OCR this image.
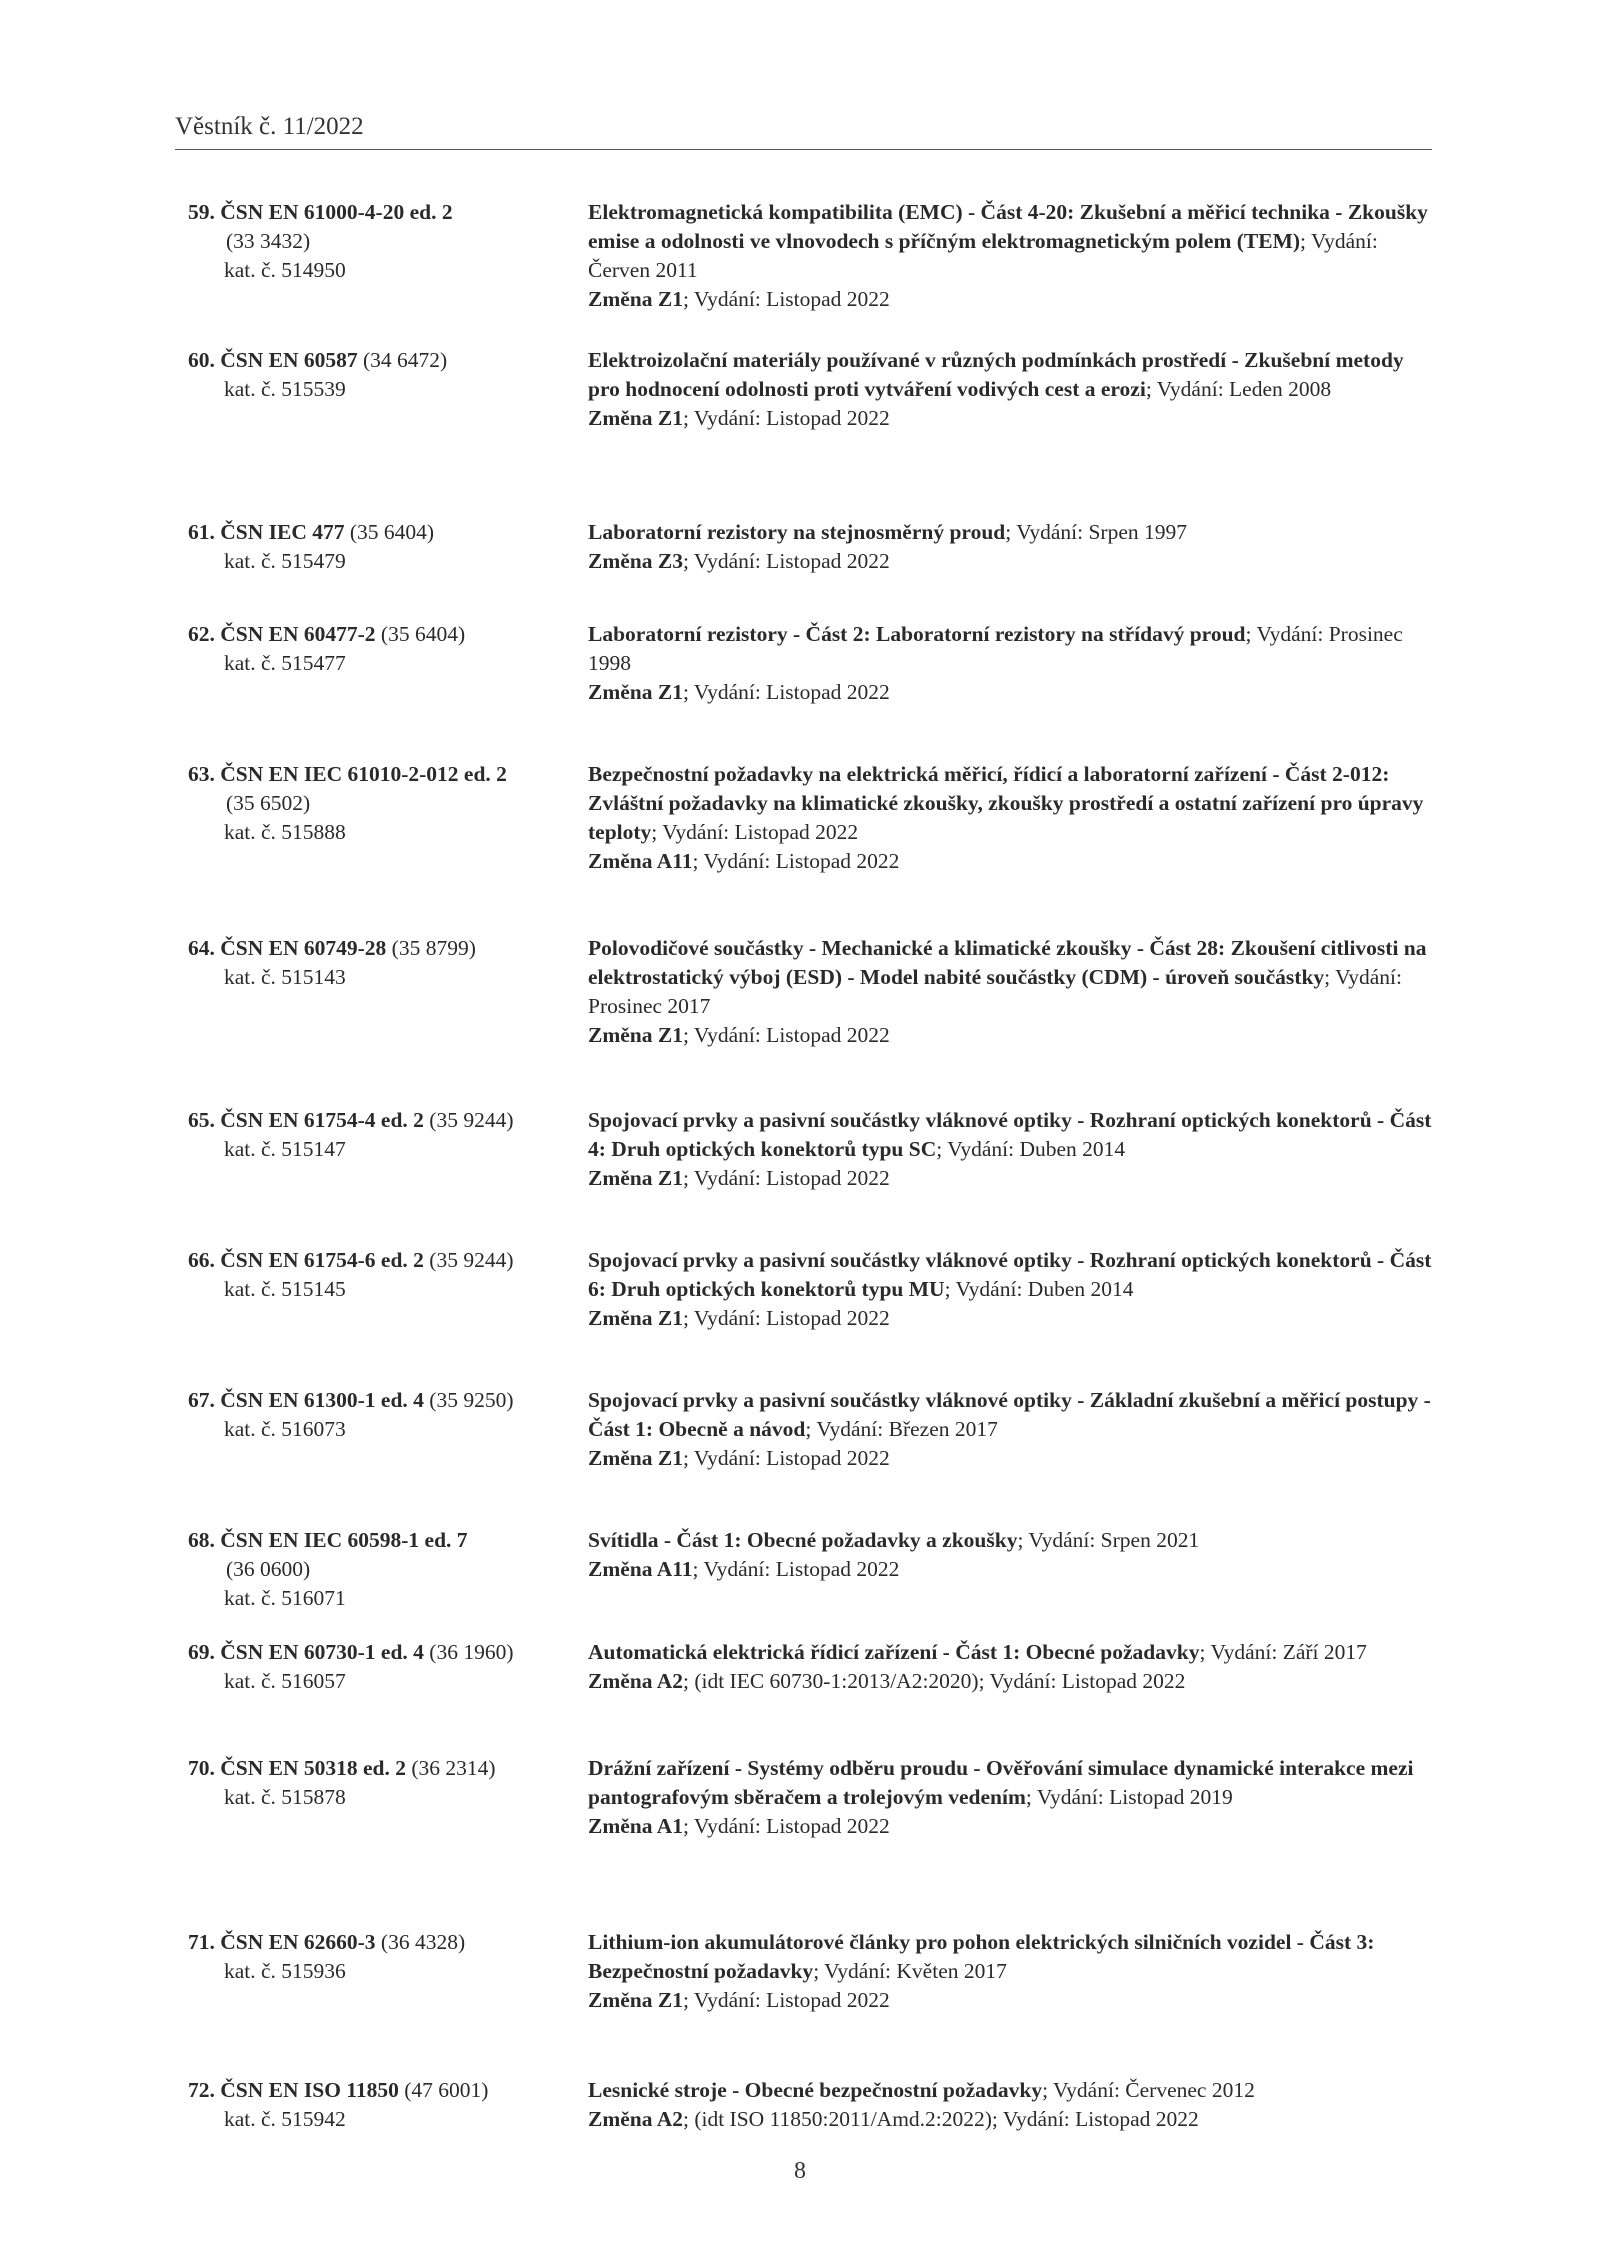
Věstník č. 11/2022
59. ČSN EN 61000-4-20 ed. 2
(33 3432)
kat. č. 514950
Elektromagnetická kompatibilita (EMC) - Část 4-20: Zkušební a měřicí technika - Zkoušky emise a odolnosti ve vlnovodech s příčným elektromagnetickým polem (TEM); Vydání: Červen 2011
Změna Z1; Vydání: Listopad 2022
60. ČSN EN 60587 (34 6472)
kat. č. 515539
Elektroizolační materiály používané v různých podmínkách prostředí - Zkušební metody pro hodnocení odolnosti proti vytváření vodivých cest a erozi; Vydání: Leden 2008
Změna Z1; Vydání: Listopad 2022
61. ČSN IEC 477 (35 6404)
kat. č. 515479
Laboratorní rezistory na stejnosměrný proud; Vydání: Srpen 1997
Změna Z3; Vydání: Listopad 2022
62. ČSN EN 60477-2 (35 6404)
kat. č. 515477
Laboratorní rezistory - Část 2: Laboratorní rezistory na střídavý proud; Vydání: Prosinec 1998
Změna Z1; Vydání: Listopad 2022
63. ČSN EN IEC 61010-2-012 ed. 2
(35 6502)
kat. č. 515888
Bezpečnostní požadavky na elektrická měřicí, řídicí a laboratorní zařízení - Část 2-012: Zvláštní požadavky na klimatické zkoušky, zkoušky prostředí a ostatní zařízení pro úpravy teploty; Vydání: Listopad 2022
Změna A11; Vydání: Listopad 2022
64. ČSN EN 60749-28 (35 8799)
kat. č. 515143
Polovodičové součástky - Mechanické a klimatické zkoušky - Část 28: Zkoušení citlivosti na elektrostatický výboj (ESD) - Model nabité součástky (CDM) - úroveň součástky; Vydání: Prosinec 2017
Změna Z1; Vydání: Listopad 2022
65. ČSN EN 61754-4 ed. 2 (35 9244)
kat. č. 515147
Spojovací prvky a pasivní součástky vláknové optiky - Rozhraní optických konektorů - Část 4: Druh optických konektorů typu SC; Vydání: Duben 2014
Změna Z1; Vydání: Listopad 2022
66. ČSN EN 61754-6 ed. 2 (35 9244)
kat. č. 515145
Spojovací prvky a pasivní součástky vláknové optiky - Rozhraní optických konektorů - Část 6: Druh optických konektorů typu MU; Vydání: Duben 2014
Změna Z1; Vydání: Listopad 2022
67. ČSN EN 61300-1 ed. 4 (35 9250)
kat. č. 516073
Spojovací prvky a pasivní součástky vláknové optiky - Základní zkušební a měřicí postupy - Část 1: Obecně a návod; Vydání: Březen 2017
Změna Z1; Vydání: Listopad 2022
68. ČSN EN IEC 60598-1 ed. 7
(36 0600)
kat. č. 516071
Svítidla - Část 1: Obecné požadavky a zkoušky; Vydání: Srpen 2021
Změna A11; Vydání: Listopad 2022
69. ČSN EN 60730-1 ed. 4 (36 1960)
kat. č. 516057
Automatická elektrická řídicí zařízení - Část 1: Obecné požadavky; Vydání: Září 2017
Změna A2; (idt IEC 60730-1:2013/A2:2020); Vydání: Listopad 2022
70. ČSN EN 50318 ed. 2 (36 2314)
kat. č. 515878
Drážní zařízení - Systémy odběru proudu - Ověřování simulace dynamické interakce mezi pantografovým sběračem a trolejovým vedením; Vydání: Listopad 2019
Změna A1; Vydání: Listopad 2022
71. ČSN EN 62660-3 (36 4328)
kat. č. 515936
Lithium-ion akumulátorové články pro pohon elektrických silničních vozidel - Část 3: Bezpečnostní požadavky; Vydání: Květen 2017
Změna Z1; Vydání: Listopad 2022
72. ČSN EN ISO 11850 (47 6001)
kat. č. 515942
Lesnické stroje - Obecné bezpečnostní požadavky; Vydání: Červenec 2012
Změna A2; (idt ISO 11850:2011/Amd.2:2022); Vydání: Listopad 2022
8
